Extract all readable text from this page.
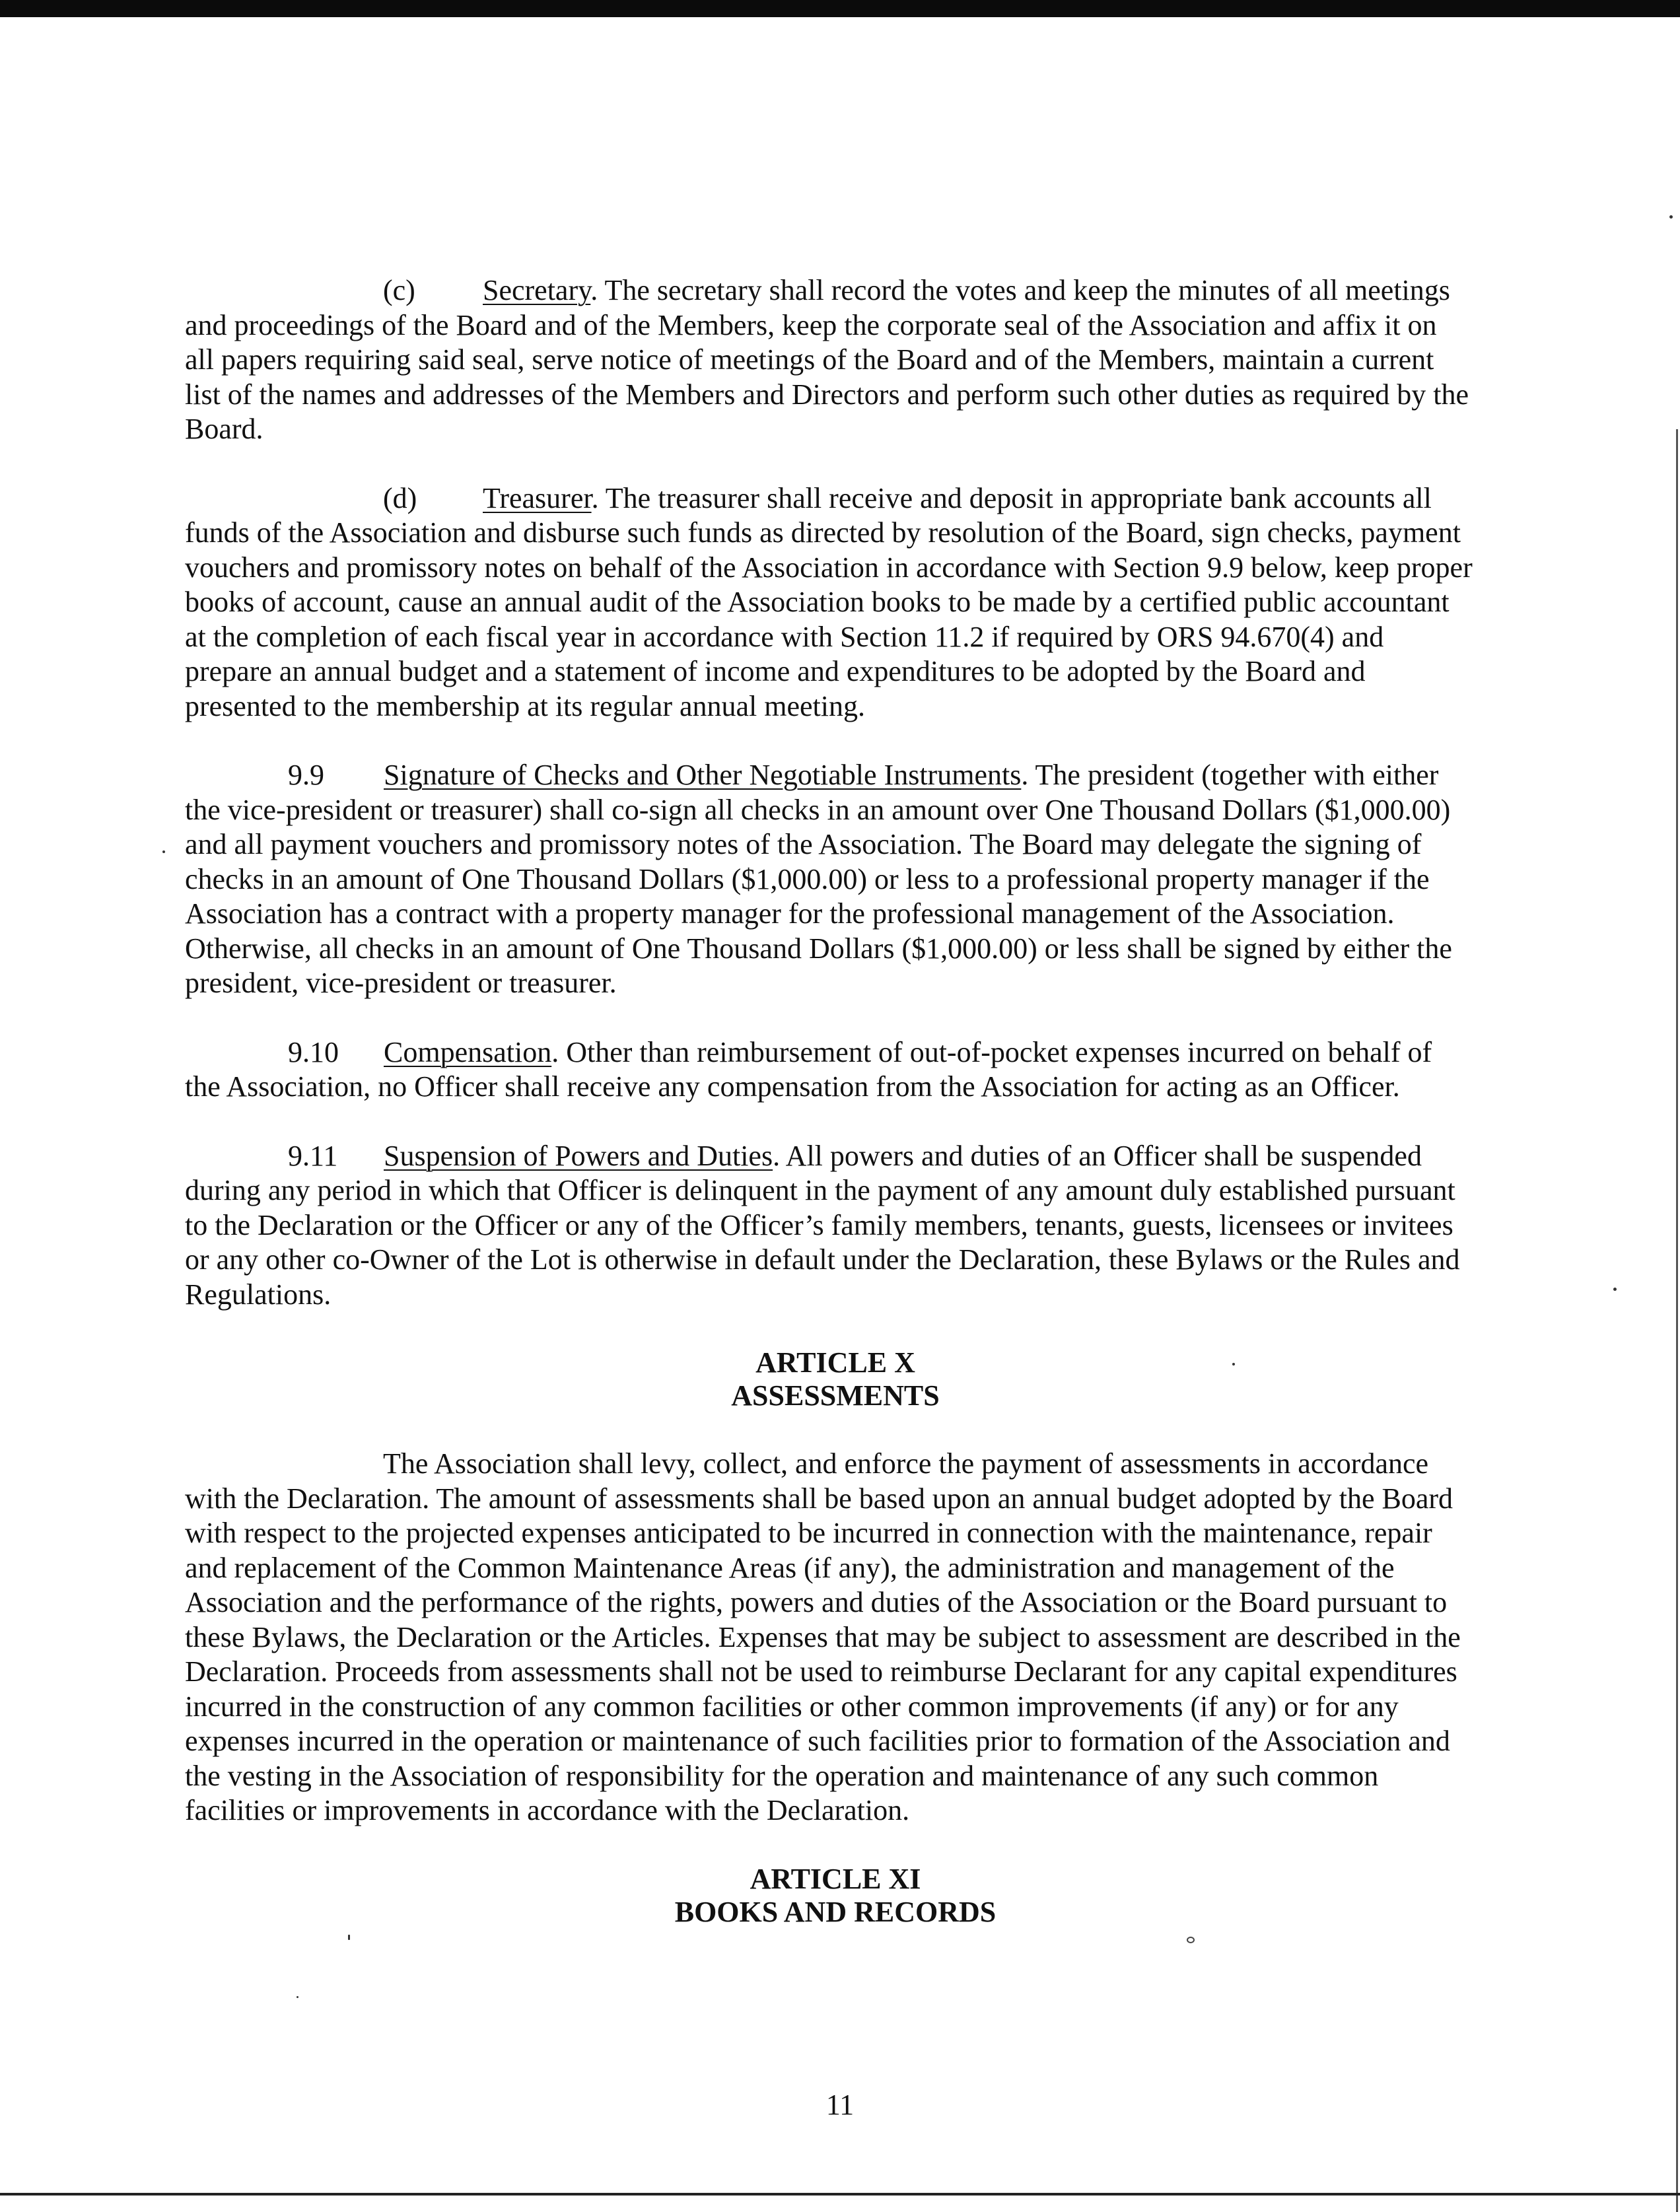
(c) Secretary. The secretary shall record the votes and keep the minutes of all meetings and proceedings of the Board and of the Members, keep the corporate seal of the Association and affix it on all papers requiring said seal, serve notice of meetings of the Board and of the Members, maintain a current list of the names and addresses of the Members and Directors and perform such other duties as required by the Board.

(d) Treasurer. The treasurer shall receive and deposit in appropriate bank accounts all funds of the Association and disburse such funds as directed by resolution of the Board, sign checks, payment vouchers and promissory notes on behalf of the Association in accordance with Section 9.9 below, keep proper books of account, cause an annual audit of the Association books to be made by a certified public accountant at the completion of each fiscal year in accordance with Section 11.2 if required by ORS 94.670(4) and prepare an annual budget and a statement of income and expenditures to be adopted by the Board and presented to the membership at its regular annual meeting.

9.9 Signature of Checks and Other Negotiable Instruments. The president (together with either the vice-president or treasurer) shall co-sign all checks in an amount over One Thousand Dollars ($1,000.00) and all payment vouchers and promissory notes of the Association. The Board may delegate the signing of checks in an amount of One Thousand Dollars ($1,000.00) or less to a professional property manager if the Association has a contract with a property manager for the professional management of the Association. Otherwise, all checks in an amount of One Thousand Dollars ($1,000.00) or less shall be signed by either the president, vice-president or treasurer.

9.10 Compensation. Other than reimbursement of out-of-pocket expenses incurred on behalf of the Association, no Officer shall receive any compensation from the Association for acting as an Officer.

9.11 Suspension of Powers and Duties. All powers and duties of an Officer shall be suspended during any period in which that Officer is delinquent in the payment of any amount duly established pursuant to the Declaration or the Officer or any of the Officer’s family members, tenants, guests, licensees or invitees or any other co-Owner of the Lot is otherwise in default under the Declaration, these Bylaws or the Rules and Regulations.

ARTICLE X
ASSESSMENTS

The Association shall levy, collect, and enforce the payment of assessments in accordance with the Declaration. The amount of assessments shall be based upon an annual budget adopted by the Board with respect to the projected expenses anticipated to be incurred in connection with the maintenance, repair and replacement of the Common Maintenance Areas (if any), the administration and management of the Association and the performance of the rights, powers and duties of the Association or the Board pursuant to these Bylaws, the Declaration or the Articles. Expenses that may be subject to assessment are described in the Declaration. Proceeds from assessments shall not be used to reimburse Declarant for any capital expenditures incurred in the construction of any common facilities or other common improvements (if any) or for any expenses incurred in the operation or maintenance of such facilities prior to formation of the Association and the vesting in the Association of responsibility for the operation and maintenance of any such common facilities or improvements in accordance with the Declaration.

ARTICLE XI
BOOKS AND RECORDS
11
